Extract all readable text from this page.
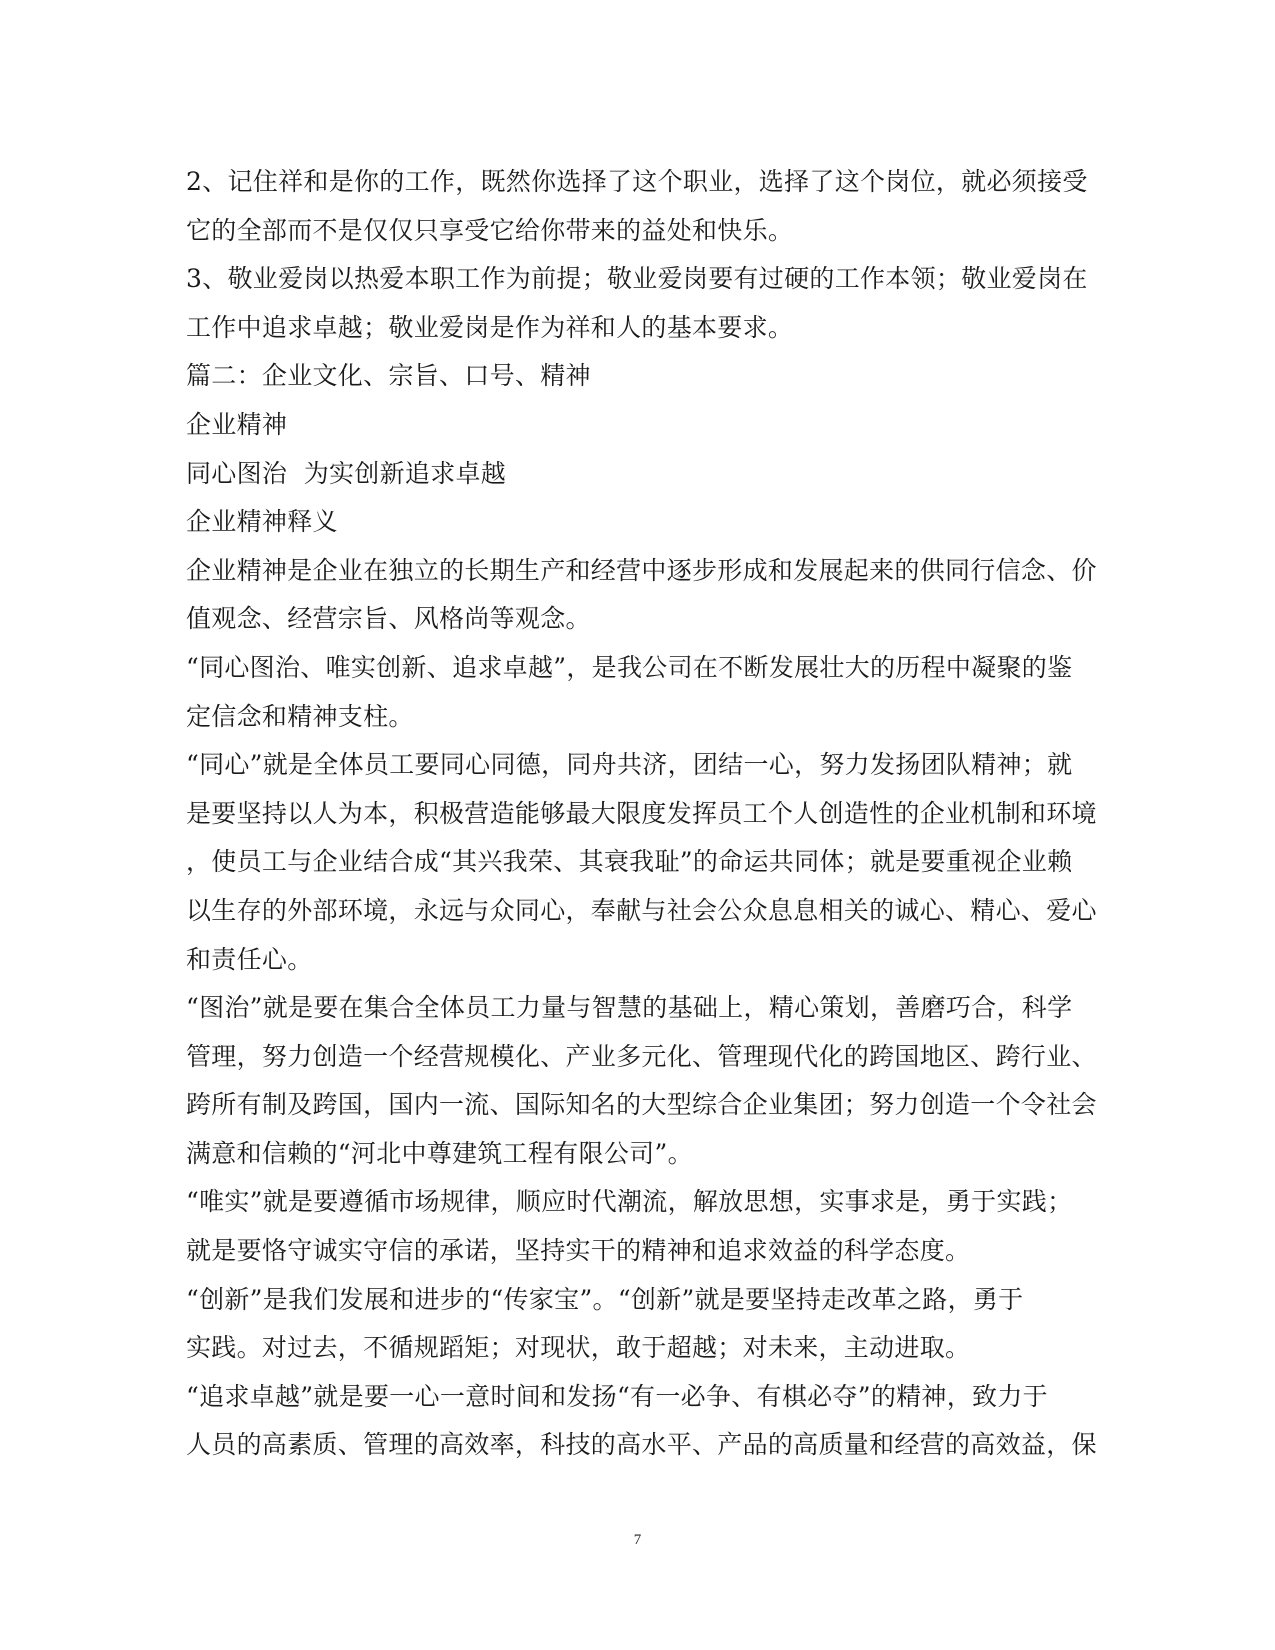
2、记住祥和是你的工作，既然你选择了这个职业，选择了这个岗位，就必须接受
它的全部而不是仅仅只享受它给你带来的益处和快乐。
3、敬业爱岗以热爱本职工作为前提；敬业爱岗要有过硬的工作本领；敬业爱岗在
工作中追求卓越；敬业爱岗是作为祥和人的基本要求。
篇二：企业文化、宗旨、口号、精神
企业精神
同心图治  为实创新追求卓越
企业精神释义
企业精神是企业在独立的长期生产和经营中逐步形成和发展起来的供同行信念、价
值观念、经营宗旨、风格尚等观念。
“同心图治、唯实创新、追求卓越”，是我公司在不断发展壮大的历程中凝聚的鉴
定信念和精神支柱。
“同心”就是全体员工要同心同德，同舟共济，团结一心，努力发扬团队精神；就
是要坚持以人为本，积极营造能够最大限度发挥员工个人创造性的企业机制和环境
，使员工与企业结合成“其兴我荣、其衰我耻”的命运共同体；就是要重视企业赖
以生存的外部环境，永远与众同心，奉献与社会公众息息相关的诚心、精心、爱心
和责任心。
“图治”就是要在集合全体员工力量与智慧的基础上，精心策划，善磨巧合，科学
管理，努力创造一个经营规模化、产业多元化、管理现代化的跨国地区、跨行业、
跨所有制及跨国，国内一流、国际知名的大型综合企业集团；努力创造一个令社会
满意和信赖的“河北中尊建筑工程有限公司”。
“唯实”就是要遵循市场规律，顺应时代潮流，解放思想，实事求是，勇于实践；
就是要恪守诚实守信的承诺，坚持实干的精神和追求效益的科学态度。
“创新”是我们发展和进步的“传家宝”。“创新”就是要坚持走改革之路，勇于
实践。对过去，不循规蹈矩；对现状，敢于超越；对未来，主动进取。
“追求卓越”就是要一心一意时间和发扬“有一必争、有棋必夺”的精神，致力于
人员的高素质、管理的高效率，科技的高水平、产品的高质量和经营的高效益，保
7
